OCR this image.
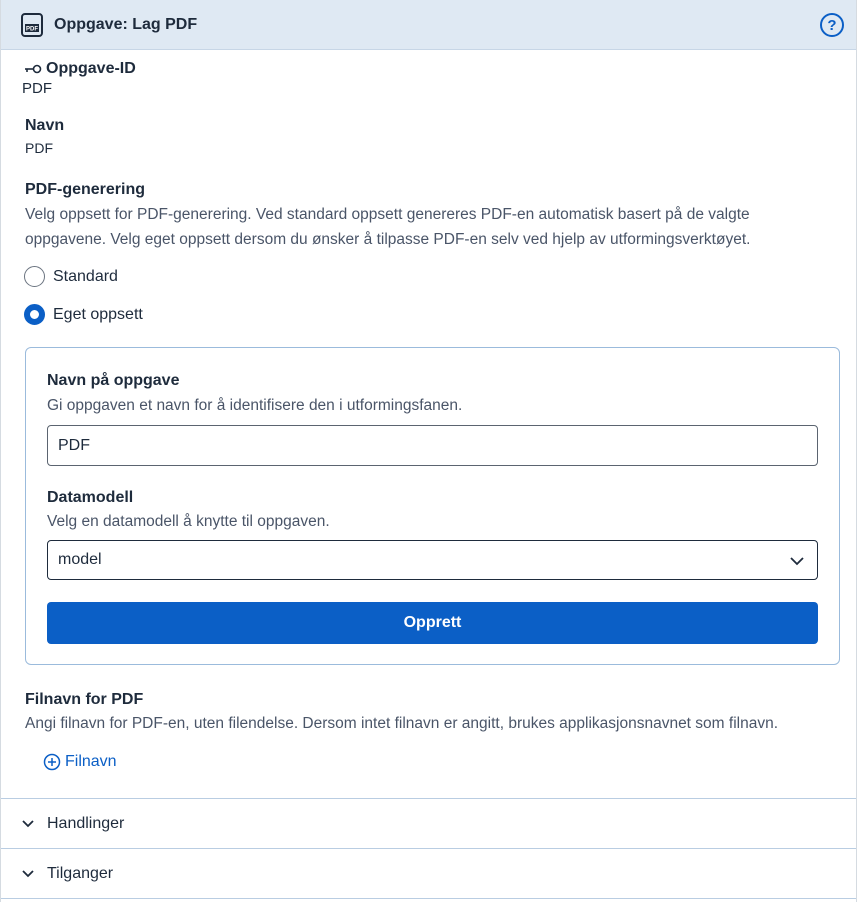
PDF Oppgave: Lag PDF	?
Oppgave-ID
PDF
Navn
PDF
PDF-generering
Velg oppsett for PDF-generering. Ved standard oppsett genereres PDF-en automatisk basert på de valgte oppgavene. Velg eget oppsett dersom du ønsker å tilpasse PDF-en selv ved hjelp av utformingsverktøyet.
Standard
Eget oppsett
Navn på oppgave
Gi oppgaven et navn for å identifisere den i utformingsfanen.
PDF
Datamodell
Velg en datamodell å knytte til oppgaven.
model
Opprett
Filnavn for PDF
Angi filnavn for PDF-en, uten filendelse. Dersom intet filnavn er angitt, brukes applikasjonsnavnet som filnavn.
Filnavn
Handlinger
Tilganger
